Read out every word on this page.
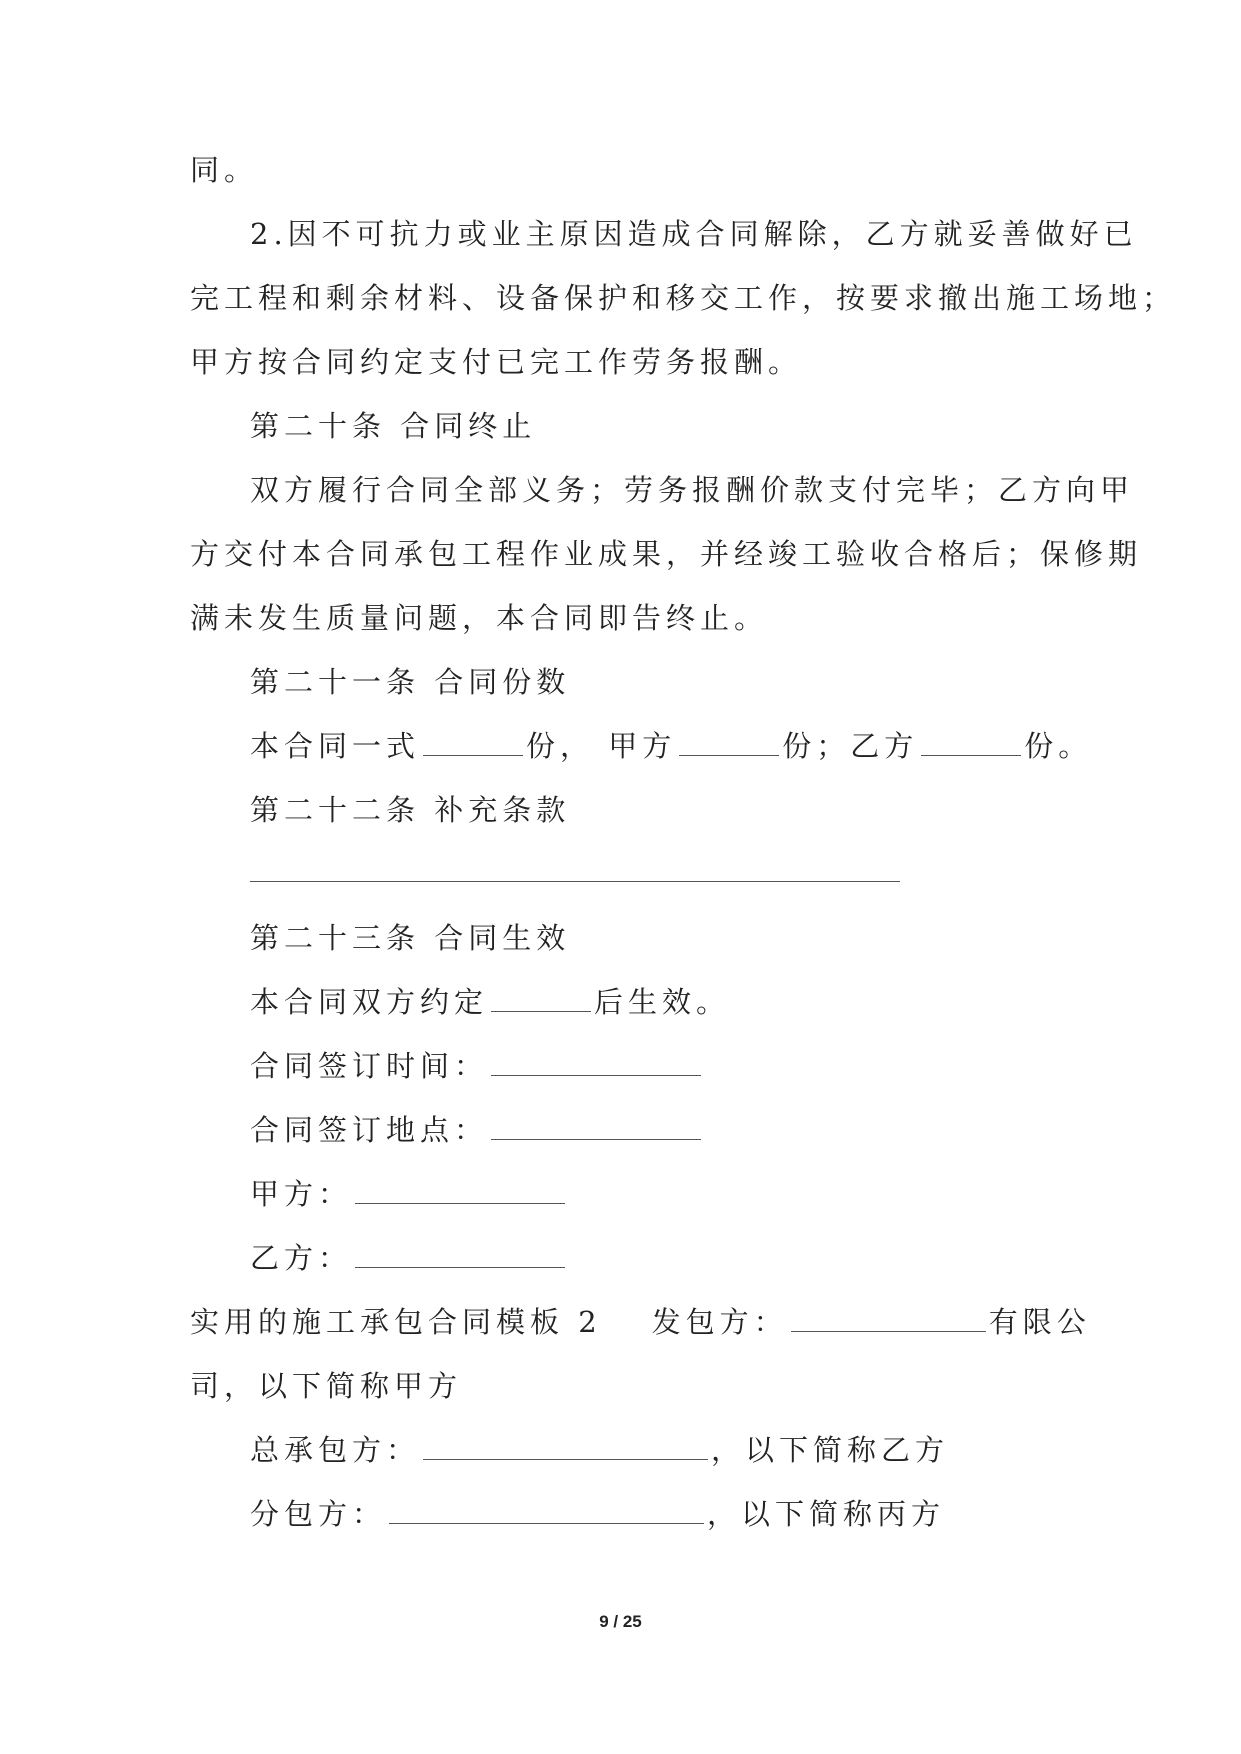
同。
2.因不可抗力或业主原因造成合同解除，乙方就妥善做好已
完工程和剩余材料、设备保护和移交工作，按要求撤出施工场地；
甲方按合同约定支付已完工作劳务报酬。
第二十条 合同终止
双方履行合同全部义务；劳务报酬价款支付完毕；乙方向甲
方交付本合同承包工程作业成果，并经竣工验收合格后；保修期
满未发生质量问题，本合同即告终止。
第二十一条 合同份数
本合同一式	份， 甲方	份；乙方	份。
第二十二条 补充条款
第二十三条 合同生效
本合同双方约定	后生效。
合同签订时间：
合同签订地点：
甲方：
乙方：
实用的施工承包合同模板 2 发包方：	有限公
司，以下简称甲方
总承包方：	，以下简称乙方
分包方：	，以下简称丙方
9 / 25
